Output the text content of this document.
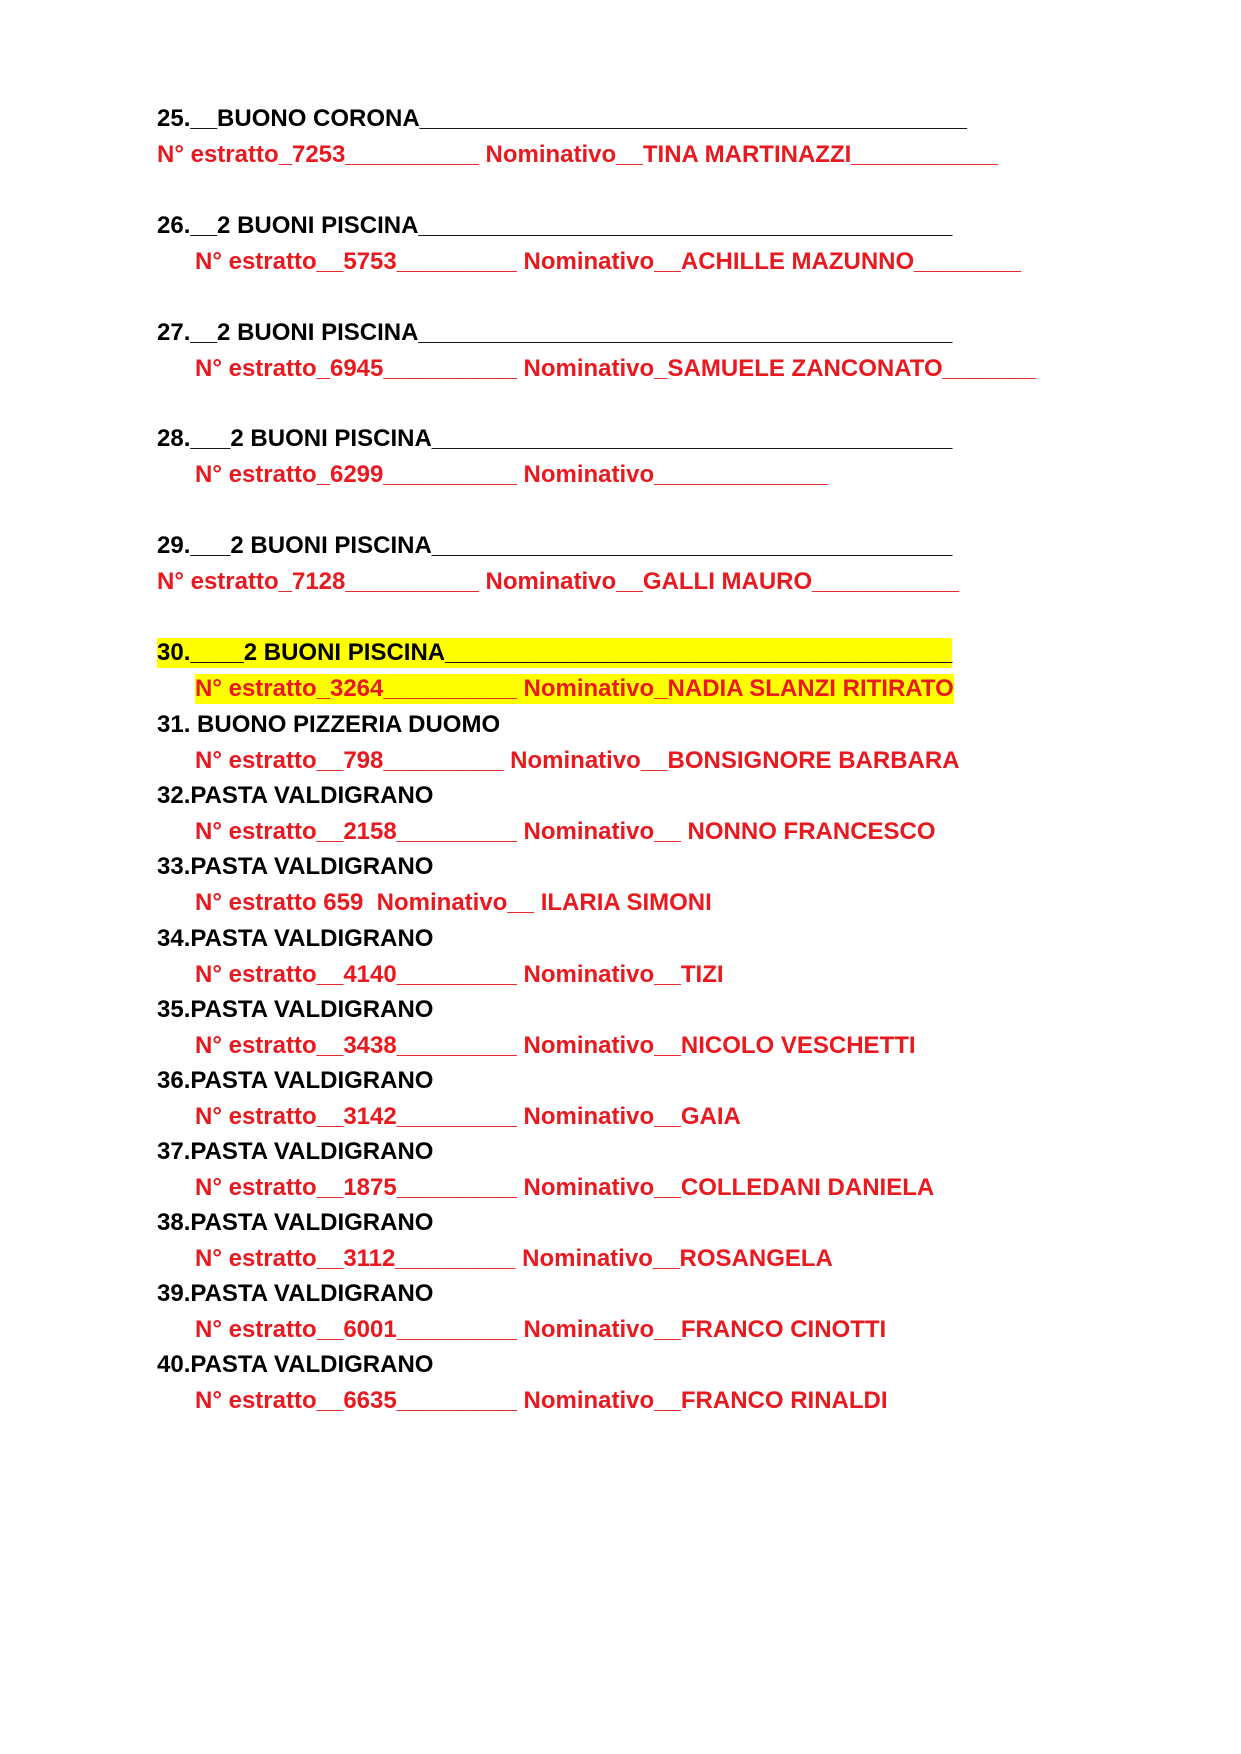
25.__BUONO CORONA_________________________________________

N° estratto_7253__________ Nominativo__TINA MARTINAZZI___________

26.__2 BUONI PISCINA________________________________________

N° estratto__5753_________ Nominativo__ACHILLE MAZUNNO________

27.__2 BUONI PISCINA________________________________________

N° estratto_6945__________ Nominativo_SAMUELE ZANCONATO_______

28.___2 BUONI PISCINA_______________________________________

N° estratto_6299__________ Nominativo_____________

29.___2 BUONI PISCINA_______________________________________

N° estratto_7128__________ Nominativo__GALLI MAURO___________

30.____2 BUONI PISCINA______________________________________

N° estratto_3264__________ Nominativo_NADIA SLANZI RITIRATO

31. BUONO PIZZERIA DUOMO

N° estratto__798_________ Nominativo__BONSIGNORE BARBARA

32.PASTA VALDIGRANO

N° estratto__2158_________ Nominativo__ NONNO FRANCESCO

33.PASTA VALDIGRANO

N° estratto 659  Nominativo__ ILARIA SIMONI

34.PASTA VALDIGRANO

N° estratto__4140_________ Nominativo__TIZI

35.PASTA VALDIGRANO

N° estratto__3438_________ Nominativo__NICOLO VESCHETTI

36.PASTA VALDIGRANO

N° estratto__3142_________ Nominativo__GAIA

37.PASTA VALDIGRANO

N° estratto__1875_________ Nominativo__COLLEDANI DANIELA

38.PASTA VALDIGRANO

N° estratto__3112_________ Nominativo__ROSANGELA

39.PASTA VALDIGRANO

N° estratto__6001_________ Nominativo__FRANCO CINOTTI

40.PASTA VALDIGRANO

N° estratto__6635_________ Nominativo__FRANCO RINALDI
